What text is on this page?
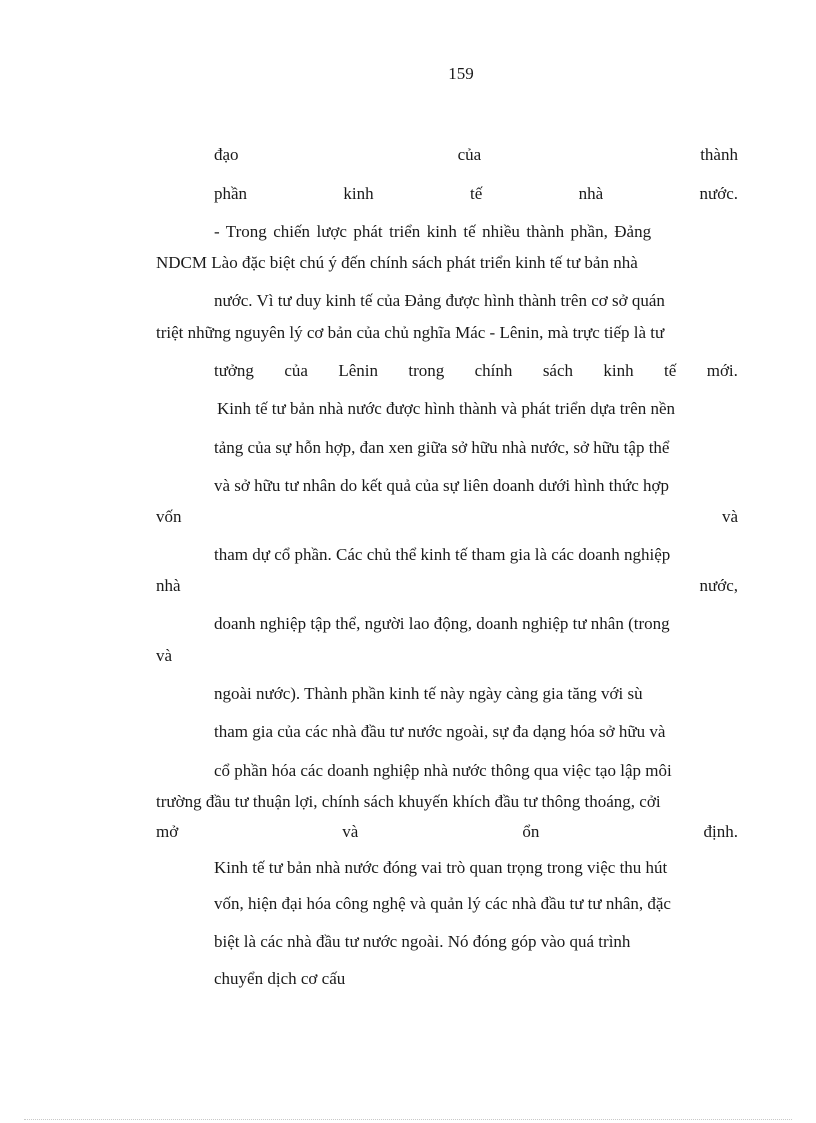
159
đạo	của	thành
phần	kinh	tế	nhà	nước.
- Trong chiến lược phát triển kinh tế nhiều thành phần, Đảng
NDCM Lào đặc biệt chú ý đến chính sách phát triển kinh tế tư bản nhà
nước. Vì tư duy kinh tế của Đảng được hình thành trên cơ sở quán
triệt những nguyên lý cơ bản của chủ nghĩa Mác - Lênin, mà trực tiếp là tư
tưởng của Lênin trong chính sách kinh tế mới.
Kinh tế tư bản nhà nước được hình thành và phát triển dựa trên nền
tảng của sự hỗn hợp, đan xen giữa sở hữu nhà nước, sở hữu tập thể
và sở hữu tư nhân do kết quả của sự liên doanh dưới hình thức hợp
vốn	và
tham dự cổ phần. Các chủ thể kinh tế tham gia là các doanh nghiệp
nhà	nước,
doanh nghiệp tập thể, người lao động, doanh nghiệp tư nhân (trong
và
ngoài nước). Thành phần kinh tế này ngày càng gia tăng với sù
tham gia của các nhà đầu tư nước ngoài, sự đa dạng hóa sở hữu và
cổ phần hóa các doanh nghiệp nhà nước thông qua việc tạo lập môi
trường đầu tư thuận lợi, chính sách khuyến khích đầu tư thông thoáng, cởi
mở	và	ổn	định.
Kinh tế tư bản nhà nước đóng vai trò quan trọng trong việc thu hút
vốn, hiện đại hóa công nghệ và quản lý các nhà đầu tư tư nhân, đặc
biệt là các nhà đầu tư nước ngoài. Nó đóng góp vào quá trình
chuyển dịch cơ cấu
